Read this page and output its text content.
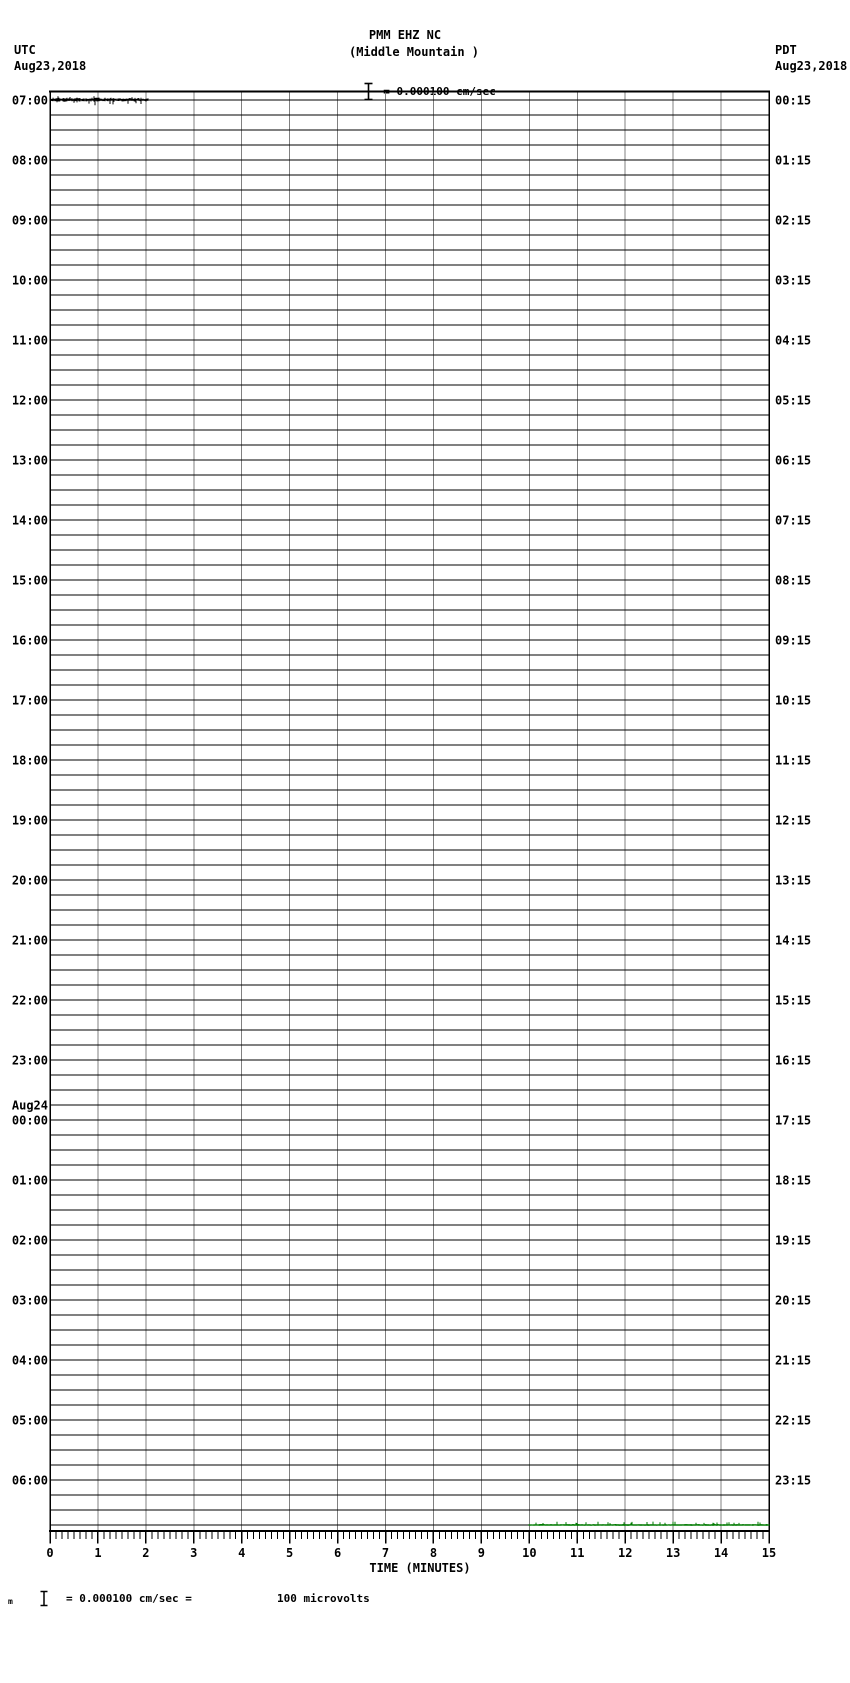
UTC
Aug23,2018
PMM EHZ NC
(Middle Mountain )

= 0.000100 cm/sec

PDT
Aug23,2018
0	1	2	3	4	5	6	7	8	9	10	11	12	13	14	15
TIME (MINUTES)
07:00
08:00
09:00
10:00
11:00
12:00
13:00
14:00
15:00
16:00
17:00
18:00
19:00
20:00
21:00
22:00
23:00
00:00
Aug24
01:00
02:00
03:00
04:00
05:00
06:00
00:15
01:15
02:15
03:15
04:15
05:15
06:15
07:15
08:15
09:15
10:15
11:15
12:15
13:15
14:15
15:15
16:15
17:15
18:15
19:15
20:15
21:15
22:15
23:15

m

	= 0.000100 cm/sec =

	100 microvolts
